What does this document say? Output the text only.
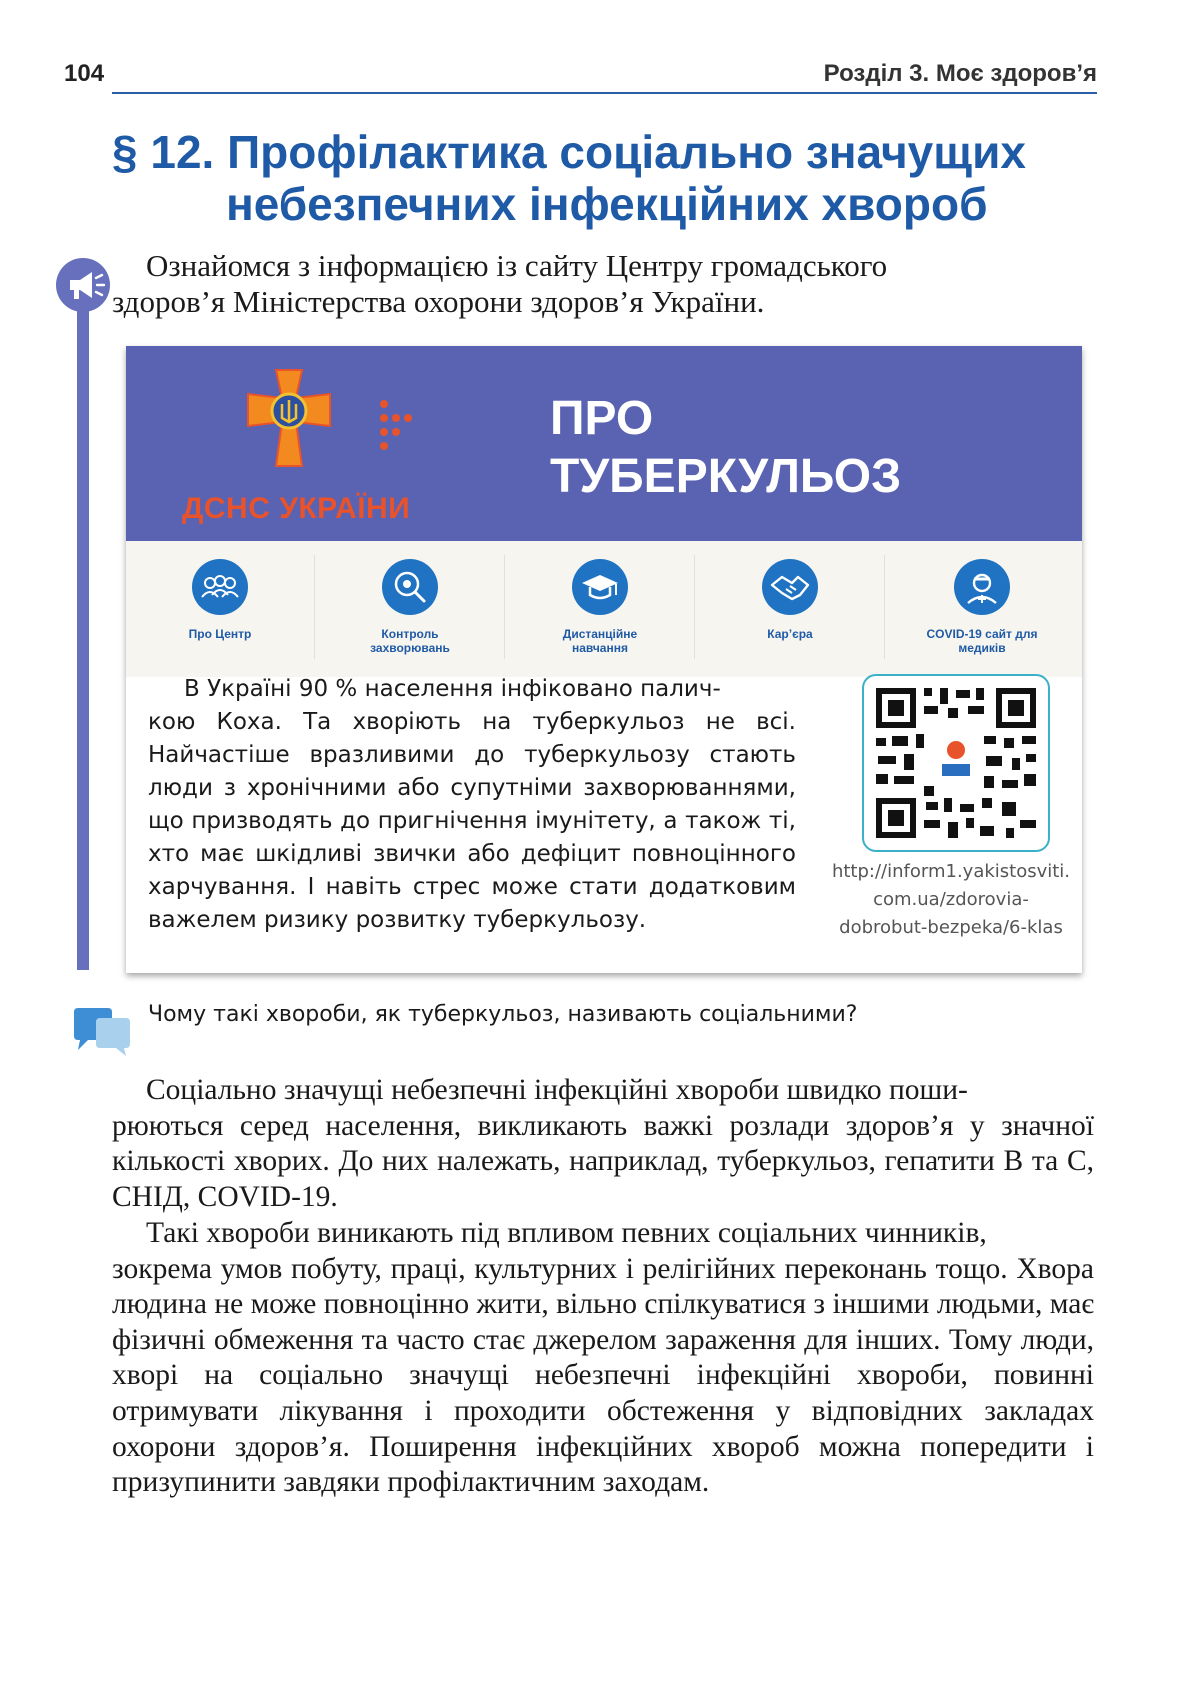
104	Розділ 3. Моє здоров’я
§ 12. Профілактика соціально значущих
небезпечних інфекційних хвороб

Ознайомся з інформацією із сайту Центру громадського
здоров’я Міністерства охорони здоров’я України.

ДСНС УКРАЇНИ
ПРО
ТУБЕРКУЛЬОЗ
Про Центр	Контроль захворювань
Дистанційне навчання
Кар’єра	COVID-19 сайт для медиків

В Україні 90 % населення інфіковано палич-
кою Коха. Та хворіють на туберкульоз не всі. Найчастіше вразливими до туберкульозу стають люди з хронічними або супутніми захворюваннями, що призводять до пригнічення імунітету, а також ті, хто має шкідливі звички або дефіцит повноцінного харчування. І навіть стрес може стати додатковим важелем ризику розвитку туберкульозу.

http://inform1.yakistosviti.
com.ua/zdorovia-
dobrobut-bezpeka/6-klas
Чому такі хвороби, як туберкульоз, називають соціальними?

Соціально значущі небезпечні інфекційні хвороби швидко поши-
рюються серед населення, викликають важкі розлади здоров’я у значної кількості хворих. До них належать, наприклад, туберкульоз, гепатити В та С, СНІД, COVID-19.

Такі хвороби виникають під впливом певних соціальних чинників,
зокрема умов побуту, праці, культурних і релігійних переконань тощо. Хвора людина не може повноцінно жити, вільно спілкуватися з іншими людьми, має фізичні обмеження та часто стає джерелом зараження для інших. Тому люди, хворі на соціально значущі небезпечні інфекційні хвороби, повинні отримувати лікування і проходити обстеження у відповідних закладах охорони здоров’я. Поширення інфекційних хвороб можна попередити і призупинити завдяки профілактичним заходам.
